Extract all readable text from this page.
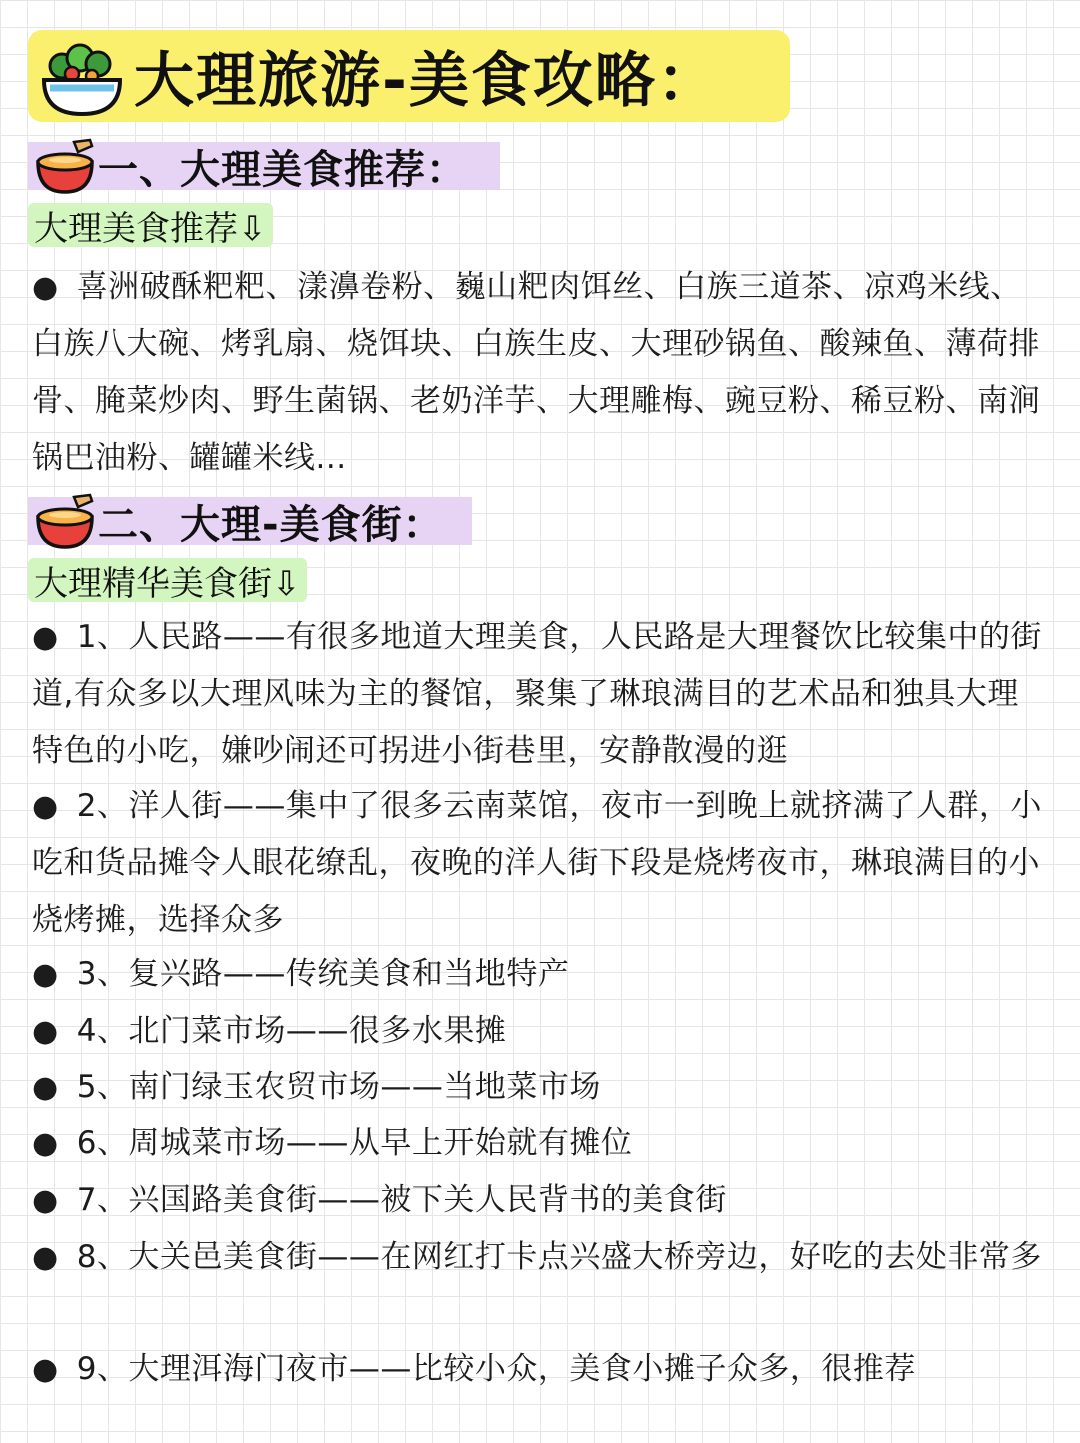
大理旅游-美食攻略：
一、大理美食推荐：
大理美食推荐⇩
● 喜洲破酥粑粑、漾濞卷粉、巍山粑肉饵丝、白族三道茶、凉鸡米线、白族八大碗、烤乳扇、烧饵块、白族生皮、大理砂锅鱼、酸辣鱼、薄荷排骨、腌菜炒肉、野生菌锅、老奶洋芋、大理雕梅、豌豆粉、稀豆粉、南涧锅巴油粉、罐罐米线...
二、大理-美食街：
大理精华美食街⇩
● 1、人民路——有很多地道大理美食，人民路是大理餐饮比较集中的街道,有众多以大理风味为主的餐馆，聚集了琳琅满目的艺术品和独具大理特色的小吃，嫌吵闹还可拐进小街巷里，安静散漫的逛
● 2、洋人街——集中了很多云南菜馆，夜市一到晚上就挤满了人群，小吃和货品摊令人眼花缭乱，夜晚的洋人街下段是烧烤夜市，琳琅满目的小烧烤摊，选择众多
● 3、复兴路——传统美食和当地特产
● 4、北门菜市场——很多水果摊
● 5、南门绿玉农贸市场——当地菜市场
● 6、周城菜市场——从早上开始就有摊位
● 7、兴国路美食街——被下关人民背书的美食街
● 8、大关邑美食街——在网红打卡点兴盛大桥旁边，好吃的去处非常多
● 9、大理洱海门夜市——比较小众，美食小摊子众多，很推荐
